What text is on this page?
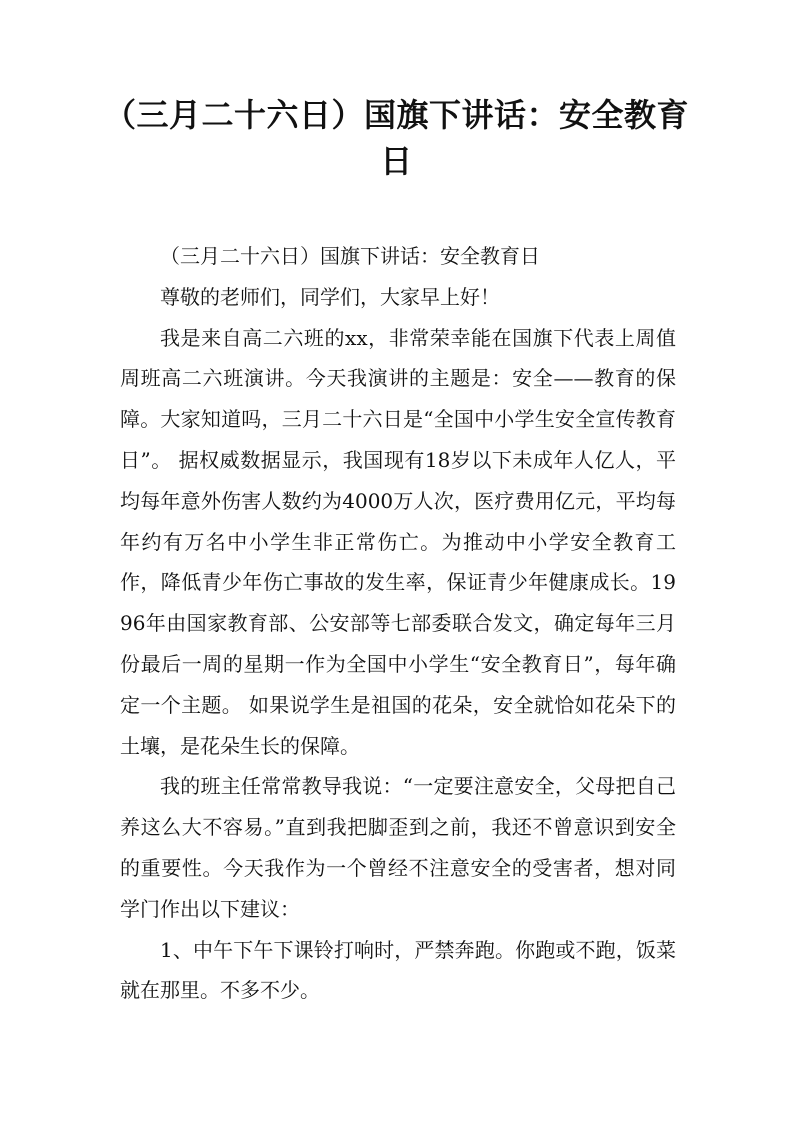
（三月二十六日）国旗下讲话：安全教育日

（三月二十六日）国旗下讲话：安全教育日

尊敬的老师们，同学们，大家早上好！

我是来自高二六班的xx，非常荣幸能在国旗下代表上周值周班高二六班演讲。今天我演讲的主题是：安全——教育的保障。大家知道吗，三月二十六日是“全国中小学生安全宣传教育日”。 据权威数据显示，我国现有18岁以下未成年人亿人，平均每年意外伤害人数约为4000万人次，医疗费用亿元，平均每年约有万名中小学生非正常伤亡。为推动中小学安全教育工作，降低青少年伤亡事故的发生率，保证青少年健康成长。1996年由国家教育部、公安部等七部委联合发文，确定每年三月份最后一周的星期一作为全国中小学生“安全教育日”，每年确定一个主题。 如果说学生是祖国的花朵，安全就恰如花朵下的土壤，是花朵生长的保障。

我的班主任常常教导我说：“一定要注意安全，父母把自己养这么大不容易。”直到我把脚歪到之前，我还不曾意识到安全的重要性。今天我作为一个曾经不注意安全的受害者，想对同学门作出以下建议：

1、中午下午下课铃打响时，严禁奔跑。你跑或不跑，饭菜就在那里。不多不少。
